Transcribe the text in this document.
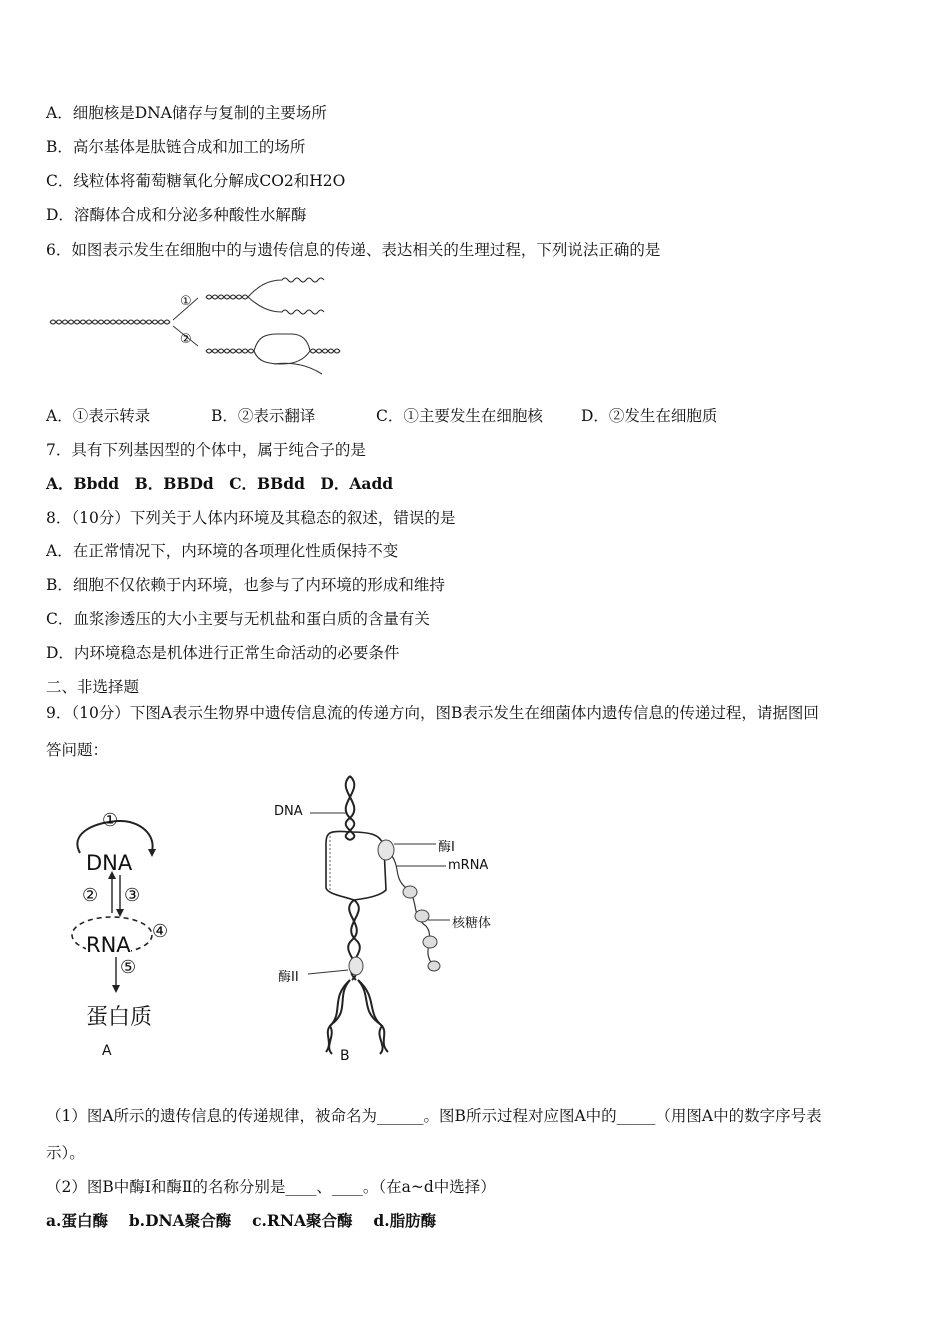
A．细胞核是DNA储存与复制的主要场所
B．高尔基体是肽链合成和加工的场所
C．线粒体将葡萄糖氧化分解成CO2和H2O
D．溶酶体合成和分泌多种酸性水解酶
6．如图表示发生在细胞中的与遗传信息的传递、表达相关的生理过程，下列说法正确的是
①
②
A．①表示转录	B．②表示翻译	C．①主要发生在细胞核 D．②发生在细胞质
7．具有下列基因型的个体中，属于纯合子的是
A．Bbdd　B．BBDd　C．BBdd　D．Aadd
8．（10分）下列关于人体内环境及其稳态的叙述，错误的是
A．在正常情况下，内环境的各项理化性质保持不变
B．细胞不仅依赖于内环境，也参与了内环境的形成和维持
C．血浆渗透压的大小主要与无机盐和蛋白质的含量有关
D．内环境稳态是机体进行正常生命活动的必要条件
二、非选择题
9．（10分）下图A表示生物界中遗传信息流的传递方向，图B表示发生在细菌体内遗传信息的传递过程，请据图回
答问题：
DNA
RNA
①
② ③
④
⑤
蛋白质
A
DNA
酶I
mRNA
核糖体
酶II
B
（1）图A所示的遗传信息的传递规律，被命名为______。图B所示过程对应图A中的_____（用图A中的数字序号表
示）。
（2）图B中酶Ⅰ和酶Ⅱ的名称分别是____、____。（在a~d中选择）
a.蛋白酶　 b.DNA聚合酶　 c.RNA聚合酶　 d.脂肪酶
